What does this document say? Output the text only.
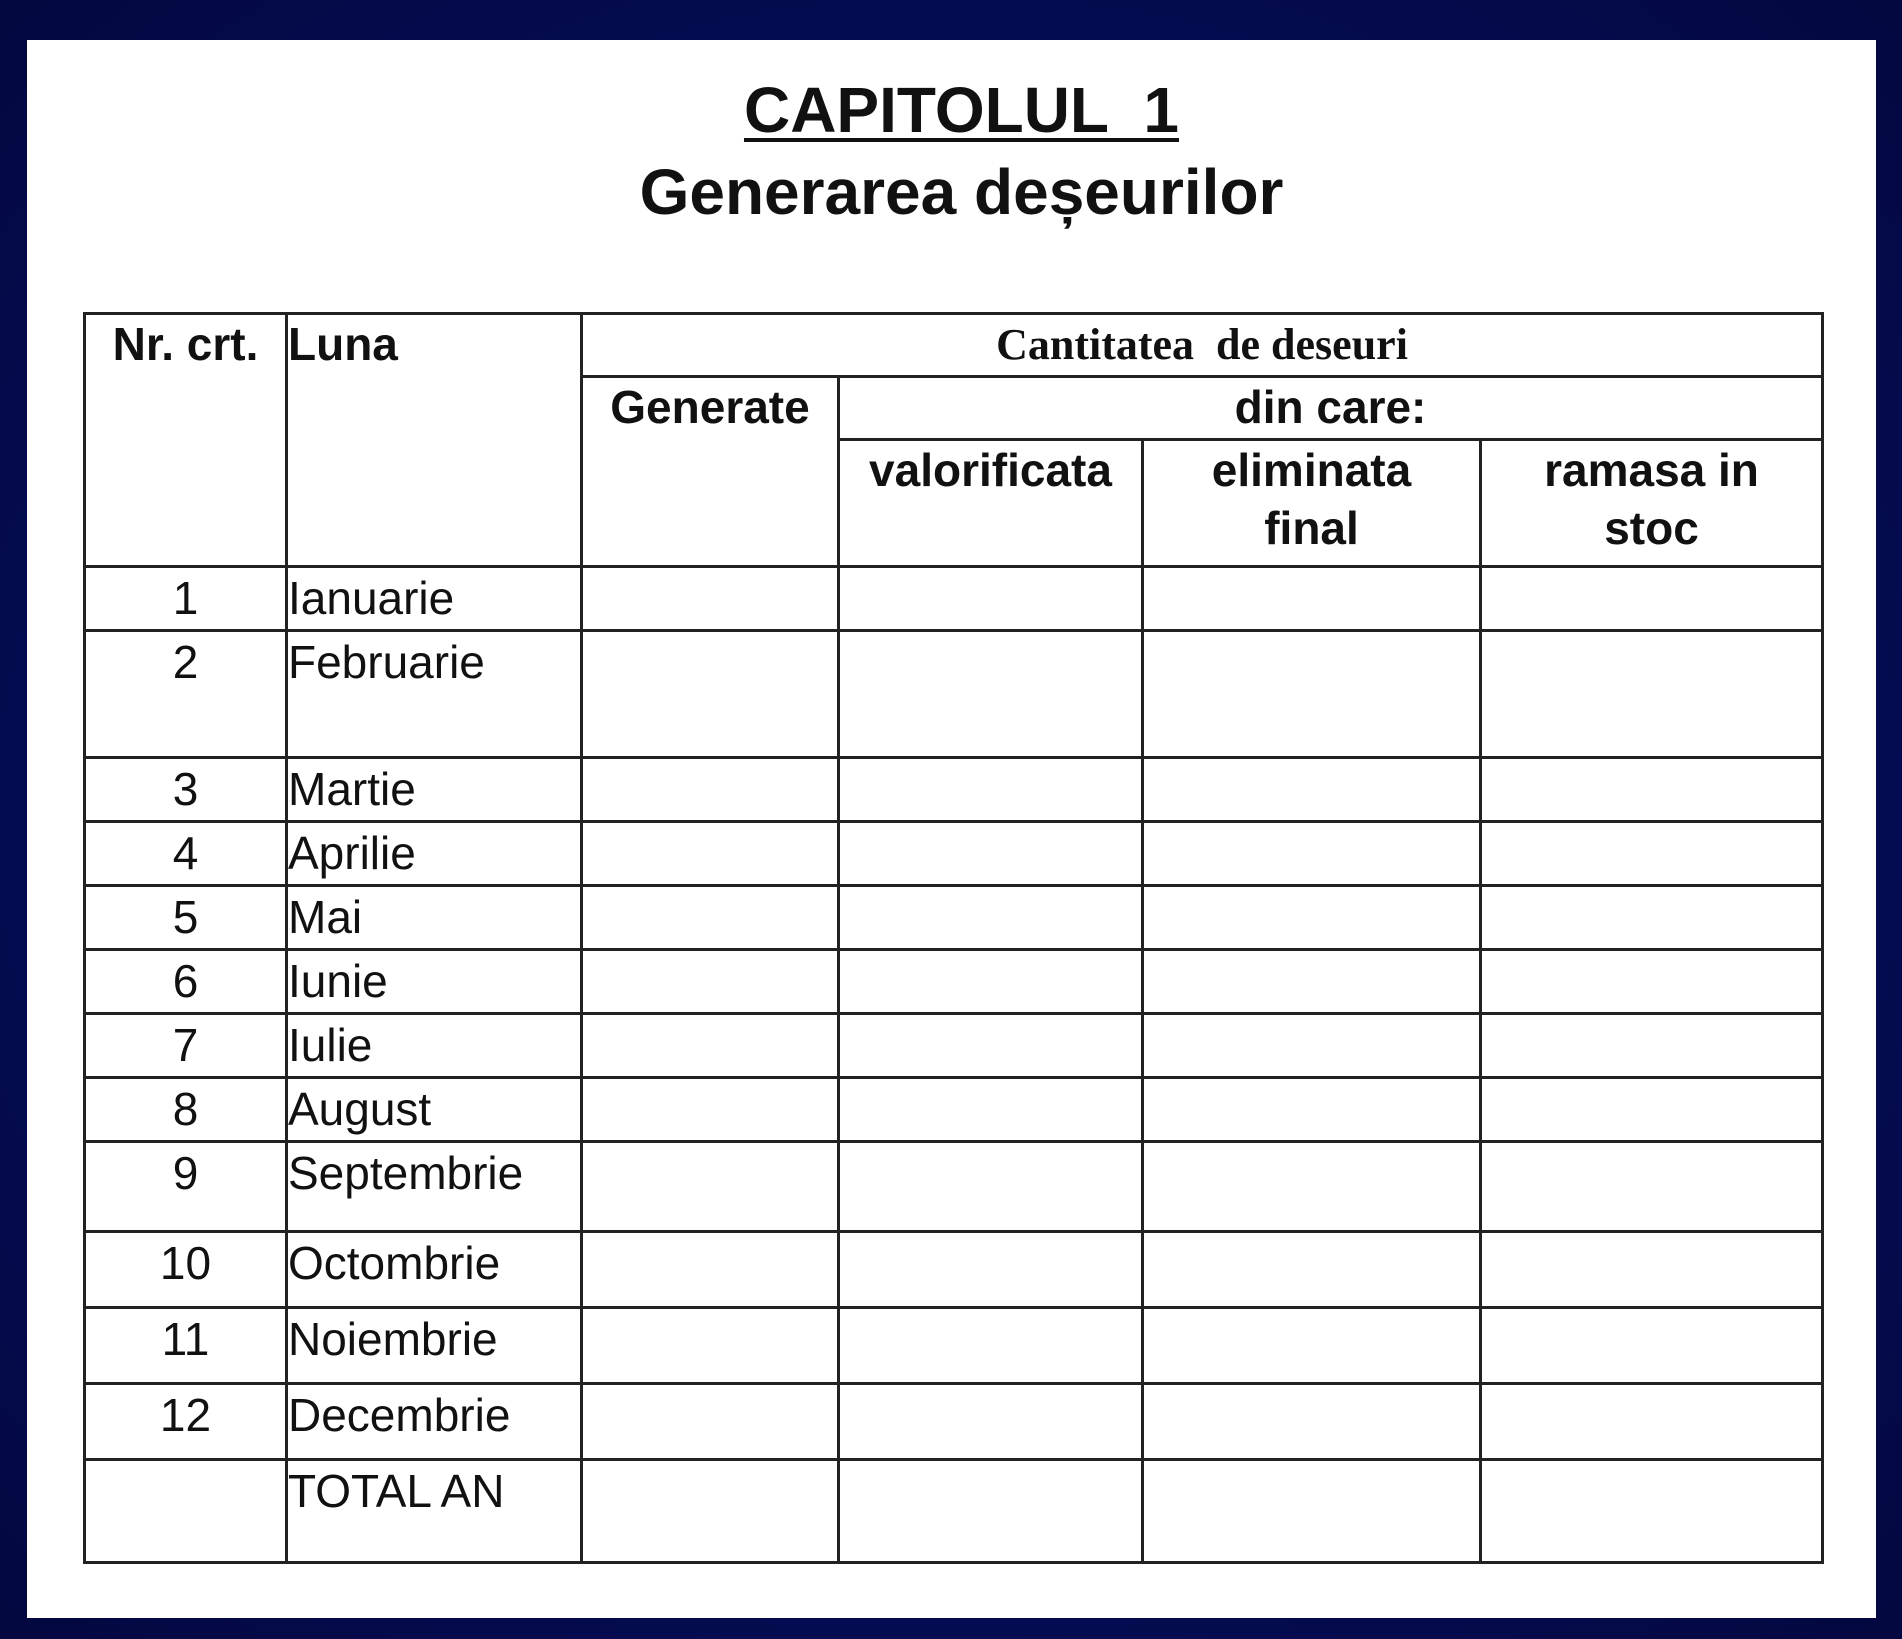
CAPITOLUL  1
Generarea deșeurilor
Nr. crt.	Luna	Cantitatea  de deseuri			
		Generate	din care:		
			valorificata	eliminata final	ramasa in stoc
1	Ianuarie				
2	Februarie				
3	Martie				
4	Aprilie				
5	Mai				
6	Iunie				
7	Iulie				
8	August				
9	Septembrie				
10	Octombrie				
11	Noiembrie				
12	Decembrie				
	TOTAL AN				
